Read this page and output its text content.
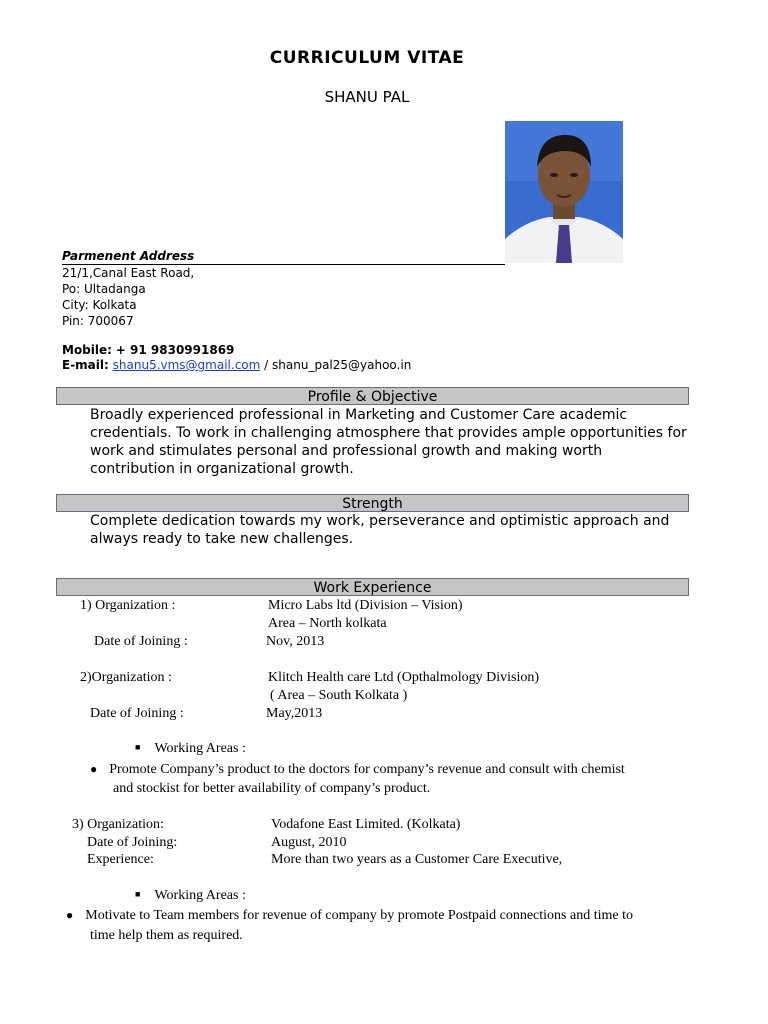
CURRICULUM VITAE
SHANU PAL
Parmenent Address
21/1,Canal East Road,
Po: Ultadanga
City: Kolkata
Pin: 700067
Mobile: + 91 9830991869
E-mail: shanu5.vms@gmail.com / shanu_pal25@yahoo.in
Profile & Objective
Broadly experienced professional in Marketing and Customer Care academic credentials. To work in challenging atmosphere that provides ample opportunities for work and stimulates personal and professional growth and making worth contribution in organizational growth.
Strength
Complete dedication towards my work, perseverance and optimistic approach and always ready to take new challenges.
Work Experience
1) Organization :	Micro Labs ltd (Division – Vision)
Area – North kolkata
Date of Joining :	Nov, 2013
2)Organization :	Klitch Health care Ltd (Opthalmology Division)
( Area – South Kolkata )
Date of Joining :	May,2013
■ Working Areas :
● Promote Company’s product to the doctors for company’s revenue and consult with chemist
and stockist for better availability of company’s product.
3) Organization:	Vodafone East Limited. (Kolkata)
Date of Joining:	August, 2010
Experience:	More than two years as a Customer Care Executive,
■ Working Areas :
● Motivate to Team members for revenue of company by promote Postpaid connections and time to
time help them as required.
